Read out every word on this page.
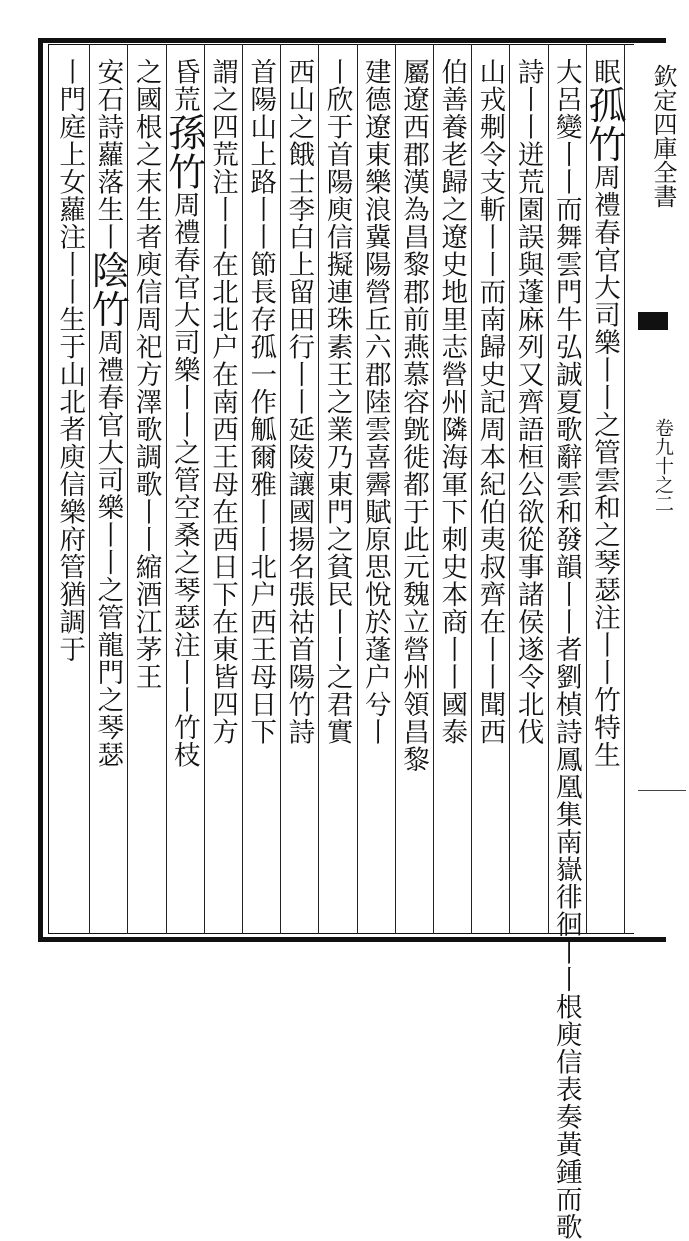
欽定四庫全書
卷九十之二
眠孤竹周禮春官大司樂丨丨之管雲和之琴瑟注丨丨竹特生
大呂變丨丨而舞雲門牛弘誠夏歌辭雲和發韻丨丨者劉楨詩鳳凰集南嶽徘徊丨丨根庾信表奏黃鍾而歌
詩丨丨迸荒園誤與蓬麻列又齊語桓公欲從事諸侯遂令北伐
山戎刜令支斬丨丨而南歸史記周本紀伯夷叔齊在丨丨聞西
伯善養老歸之遼史地里志營州隣海軍下刺史本商丨丨國泰
屬遼西郡漢為昌黎郡前燕慕容皝徙都于此元魏立營州領昌黎
建德遼東樂浪冀陽營丘六郡陸雲喜霽賦原思悅於蓬户兮丨
丨欣于首陽庾信擬連珠素王之業乃東門之貧民丨丨之君實
西山之餓士李白上留田行丨丨延陵讓國揚名張祜首陽竹詩
首陽山上路丨丨節長存孤一作觚爾雅丨丨北户西王母日下
謂之四荒注丨丨在北北户在南西王母在西日下在東皆四方
昏荒孫竹周禮春官大司樂丨丨之管空桑之琴瑟注丨丨竹枝
之國根之末生者庾信周祀方澤歌調歌丨丨縮酒江茅王
安石詩蘿落生丨陰竹周禮春官大司樂丨丨之管龍門之琴瑟
丨門庭上女蘿注丨丨生于山北者庾信樂府管猶調于
